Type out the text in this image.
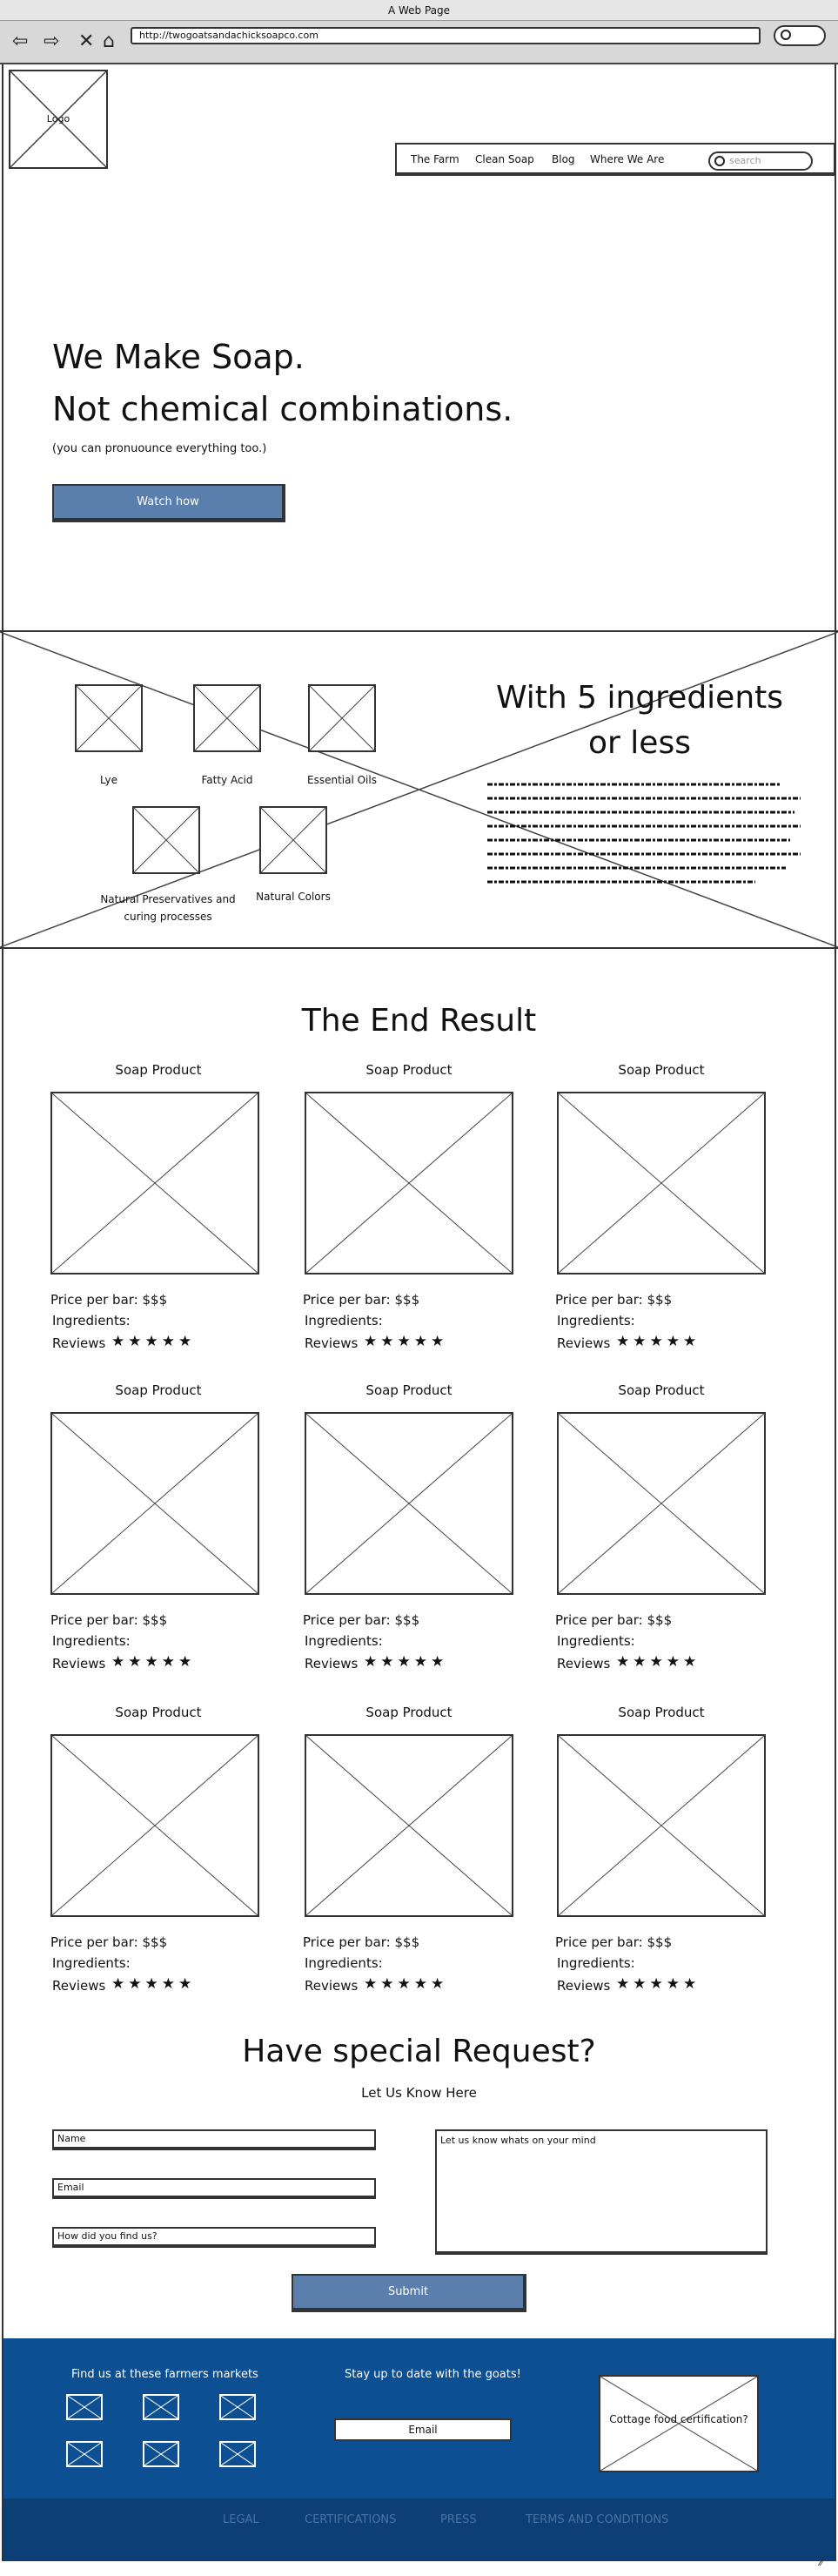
A Web Page
⇦ ⇨ ✕ ⌂	http://twogoatsandachicksoapco.com
Logo
The Farm Clean Soap Blog Where We Are	search
We Make Soap.
Not chemical combinations.
(you can pronuounce everything too.)
Watch how
Lye	Fatty Acid	Essential Oils
Natural Preservatives and curing processes
Natural Colors
With 5 ingredients
or less
The End Result
Soap Product
Price per bar: $$$
Ingredients:
Reviews ★★★★★
Soap Product
Price per bar: $$$
Ingredients:
Reviews ★★★★★
Soap Product
Price per bar: $$$
Ingredients:
Reviews ★★★★★
Soap Product
Price per bar: $$$
Ingredients:
Reviews ★★★★★
Soap Product
Price per bar: $$$
Ingredients:
Reviews ★★★★★
Soap Product
Price per bar: $$$
Ingredients:
Reviews ★★★★★
Soap Product
Price per bar: $$$
Ingredients:
Reviews ★★★★★
Soap Product
Price per bar: $$$
Ingredients:
Reviews ★★★★★
Soap Product
Price per bar: $$$
Ingredients:
Reviews ★★★★★
Have special Request?
Let Us Know Here
Name
Email
How did you find us?
Let us know whats on your mind
Submit
Find us at these farmers markets	Stay up to date with the goats!
Email
Cottage food certification?
LEGAL	CERTIFICATIONS	PRESS	TERMS AND CONDITIONS
⁄⁄
